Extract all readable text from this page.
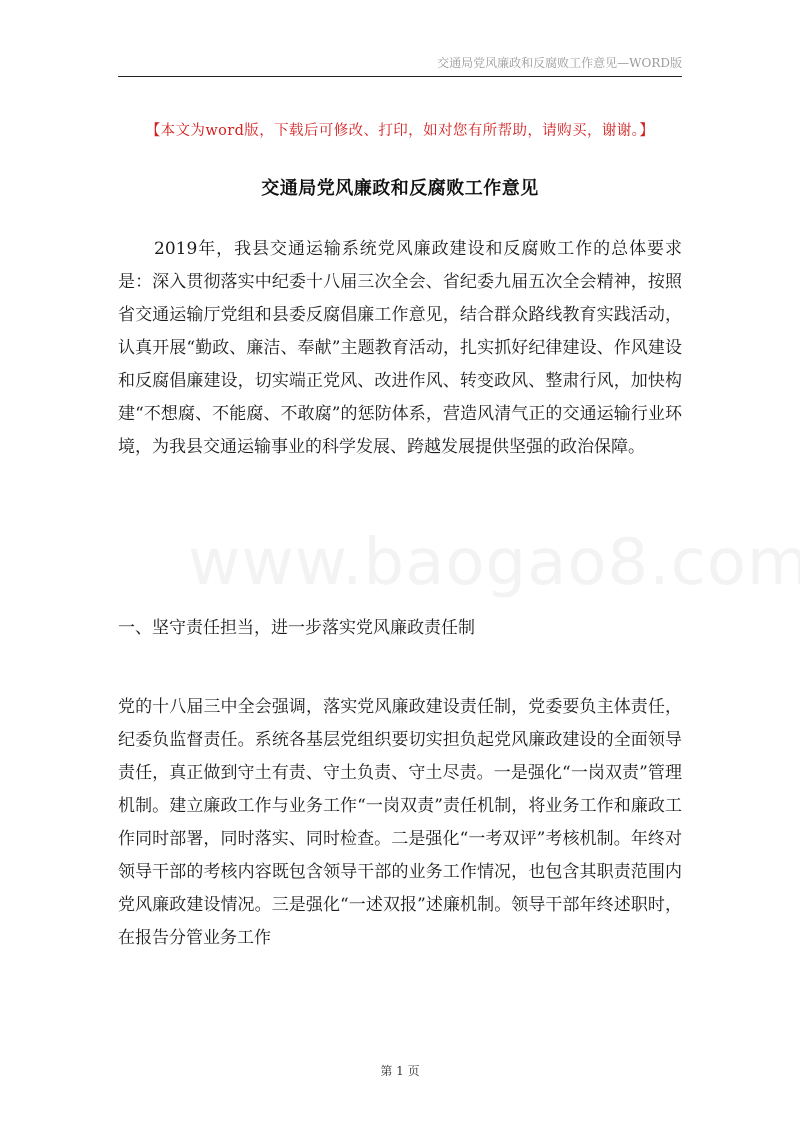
交通局党风廉政和反腐败工作意见—WORD版
【本文为word版，下载后可修改、打印，如对您有所帮助，请购买，谢谢。】
交通局党风廉政和反腐败工作意见

2019年，我县交通运输系统党风廉政建设和反腐败工作的总体要求是：深入贯彻落实中纪委十八届三次全会、省纪委九届五次全会精神，按照省交通运输厅党组和县委反腐倡廉工作意见，结合群众路线教育实践活动，认真开展“勤政、廉洁、奉献”主题教育活动，扎实抓好纪律建设、作风建设和反腐倡廉建设，切实端正党风、改进作风、转变政风、整肃行风，加快构建“不想腐、不能腐、不敢腐”的惩防体系，营造风清气正的交通运输行业环境，为我县交通运输事业的科学发展、跨越发展提供坚强的政治保障。

一、坚守责任担当，进一步落实党风廉政责任制

党的十八届三中全会强调，落实党风廉政建设责任制，党委要负主体责任，纪委负监督责任。系统各基层党组织要切实担负起党风廉政建设的全面领导责任，真正做到守土有责、守土负责、守土尽责。一是强化“一岗双责”管理机制。建立廉政工作与业务工作“一岗双责”责任机制，将业务工作和廉政工作同时部署，同时落实、同时检查。二是强化“一考双评”考核机制。年终对领导干部的考核内容既包含领导干部的业务工作情况，也包含其职责范围内党风廉政建设情况。三是强化“一述双报”述廉机制。领导干部年终述职时，在报告分管业务工作

第 1 页
